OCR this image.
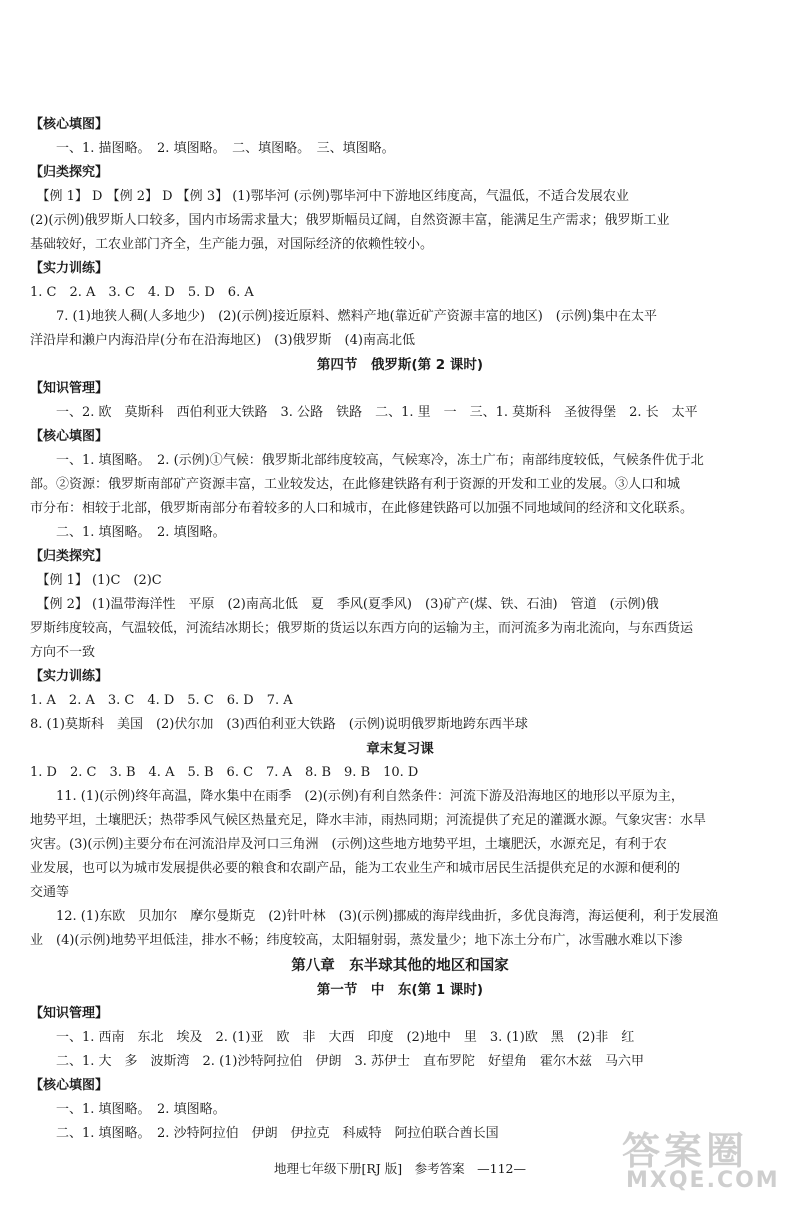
【核心填图】
　　一、1. 描图略。　2. 填图略。　二、填图略。　三、填图略。
【归类探究】
　【例 1】 D 【例 2】 D 【例 3】 (1)鄂毕河 (示例)鄂毕河中下游地区纬度高，气温低，不适合发展农业
(2)(示例)俄罗斯人口较多，国内市场需求量大；俄罗斯幅员辽阔，自然资源丰富，能满足生产需求；俄罗斯工业
基础较好，工农业部门齐全，生产能力强，对国际经济的依赖性较小。
【实力训练】
1. C　2. A　3. C　4. D　5. D　6. A
　　7. (1)地狭人稠(人多地少)　(2)(示例)接近原料、燃料产地(靠近矿产资源丰富的地区)　(示例)集中在太平
洋沿岸和濑户内海沿岸(分布在沿海地区)　(3)俄罗斯　(4)南高北低
第四节　俄罗斯(第 2 课时)
【知识管理】
　　一、2. 欧　莫斯科　西伯利亚大铁路　3. 公路　铁路　二、1. 里　一　三、1. 莫斯科　圣彼得堡　2. 长　太平
【核心填图】
　　一、1. 填图略。　2. (示例)①气候：俄罗斯北部纬度较高，气候寒冷，冻土广布；南部纬度较低，气候条件优于北
部。②资源：俄罗斯南部矿产资源丰富，工业较发达，在此修建铁路有利于资源的开发和工业的发展。③人口和城
市分布：相较于北部，俄罗斯南部分布着较多的人口和城市，在此修建铁路可以加强不同地域间的经济和文化联系。
　　二、1. 填图略。　2. 填图略。
【归类探究】
　【例 1】 (1)C　(2)C
　【例 2】 (1)温带海洋性　平原　(2)南高北低　夏　季风(夏季风)　(3)矿产(煤、铁、石油)　管道　(示例)俄
罗斯纬度较高，气温较低，河流结冰期长；俄罗斯的货运以东西方向的运输为主，而河流多为南北流向，与东西货运
方向不一致
【实力训练】
1. A　2. A　3. C　4. D　5. C　6. D　7. A
8. (1)莫斯科　美国　(2)伏尔加　(3)西伯利亚大铁路　(示例)说明俄罗斯地跨东西半球
章末复习课
1. D　2. C　3. B　4. A　5. B　6. C　7. A　8. B　9. B　10. D
　　11. (1)(示例)终年高温，降水集中在雨季　(2)(示例)有利自然条件：河流下游及沿海地区的地形以平原为主，
地势平坦，土壤肥沃；热带季风气候区热量充足，降水丰沛，雨热同期；河流提供了充足的灌溉水源。气象灾害：水旱
灾害。(3)(示例)主要分布在河流沿岸及河口三角洲　(示例)这些地方地势平坦，土壤肥沃，水源充足，有利于农
业发展，也可以为城市发展提供必要的粮食和农副产品，能为工农业生产和城市居民生活提供充足的水源和便利的
交通等
　　12. (1)东欧　贝加尔　摩尔曼斯克　(2)针叶林　(3)(示例)挪威的海岸线曲折，多优良海湾，海运便利，利于发展渔
业　(4)(示例)地势平坦低洼，排水不畅；纬度较高，太阳辐射弱，蒸发量少；地下冻土分布广，冰雪融水难以下渗
第八章　东半球其他的地区和国家
第一节　中　东(第 1 课时)
【知识管理】
　　一、1. 西南　东北　埃及　2. (1)亚　欧　非　大西　印度　(2)地中　里　3. (1)欧　黑　(2)非　红
　　二、1. 大　多　波斯湾　2. (1)沙特阿拉伯　伊朗　3. 苏伊士　直布罗陀　好望角　霍尔木兹　马六甲
【核心填图】
　　一、1. 填图略。　2. 填图略。
　　二、1. 填图略。　2. 沙特阿拉伯　伊朗　伊拉克　科威特　阿拉伯联合酋长国
地理七年级下册[RJ 版]　参考答案　—112—	答案圈
MXQE.COM
